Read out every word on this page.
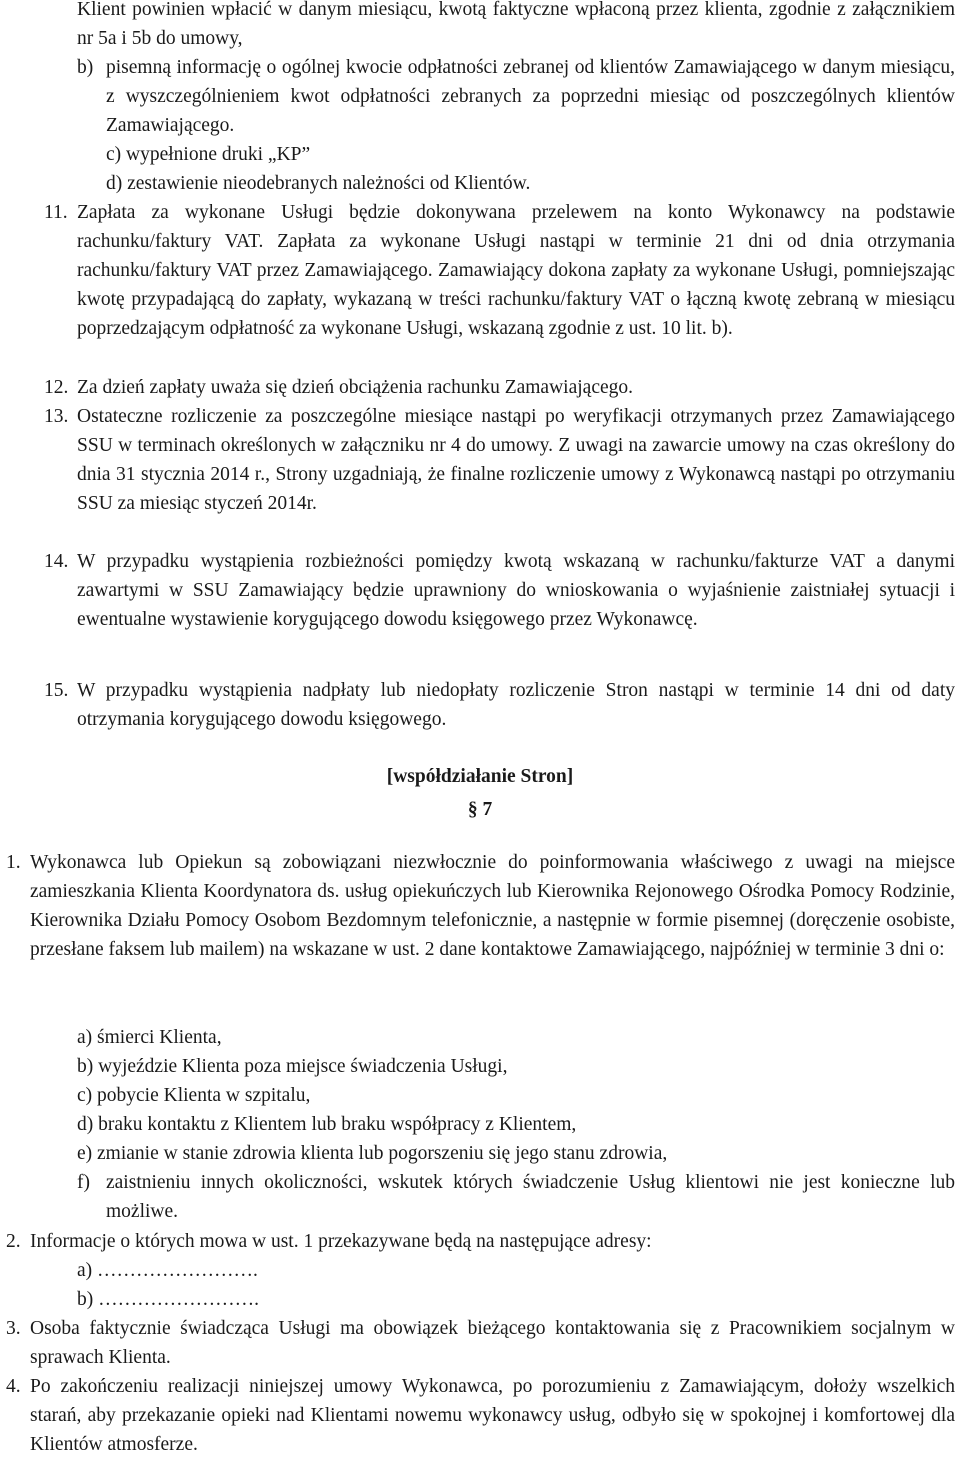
Klient powinien wpłacić w danym miesiącu, kwotą faktyczne wpłaconą przez klienta, zgodnie z załącznikiem nr 5a i 5b do umowy,

b) pisemną informację o ogólnej kwocie odpłatności zebranej od klientów Zamawiającego w danym miesiącu, z wyszczególnieniem kwot odpłatności zebranych za poprzedni miesiąc od poszczególnych klientów Zamawiającego.

c) wypełnione druki „KP”

d) zestawienie nieodebranych należności od Klientów.

11. Zapłata za wykonane Usługi będzie dokonywana przelewem na konto Wykonawcy na podstawie rachunku/faktury VAT. Zapłata za wykonane Usługi nastąpi w terminie 21 dni od dnia otrzymania rachunku/faktury VAT przez Zamawiającego. Zamawiający dokona zapłaty za wykonane Usługi, pomniejszając kwotę przypadającą do zapłaty, wykazaną w treści rachunku/faktury VAT o łączną kwotę zebraną w miesiącu poprzedzającym odpłatność za wykonane Usługi, wskazaną zgodnie z ust. 10 lit. b).

12. Za dzień zapłaty uważa się dzień obciążenia rachunku Zamawiającego.

13. Ostateczne rozliczenie za poszczególne miesiące nastąpi po weryfikacji otrzymanych przez Zamawiającego SSU w terminach określonych w załączniku nr 4 do umowy. Z uwagi na zawarcie umowy na czas określony do dnia 31 stycznia 2014 r., Strony uzgadniają, że finalne rozliczenie umowy z Wykonawcą nastąpi po otrzymaniu SSU za miesiąc styczeń 2014r.

14. W przypadku wystąpienia rozbieżności pomiędzy kwotą wskazaną w rachunku/fakturze VAT a danymi zawartymi w SSU Zamawiający będzie uprawniony do wnioskowania o wyjaśnienie zaistniałej sytuacji i ewentualne wystawienie korygującego dowodu księgowego przez Wykonawcę.

15. W przypadku wystąpienia nadpłaty lub niedopłaty rozliczenie Stron nastąpi w terminie 14 dni od daty otrzymania korygującego dowodu księgowego.

[współdziałanie Stron]
§ 7
1. Wykonawca lub Opiekun są zobowiązani niezwłocznie do poinformowania właściwego z uwagi na miejsce zamieszkania Klienta Koordynatora ds. usług opiekuńczych lub Kierownika Rejonowego Ośrodka Pomocy Rodzinie, Kierownika Działu Pomocy Osobom Bezdomnym telefonicznie, a następnie w formie pisemnej (doręczenie osobiste, przesłane faksem lub mailem) na wskazane w ust. 2 dane kontaktowe Zamawiającego, najpóźniej w terminie 3 dni o:

a) śmierci Klienta,

b) wyjeździe Klienta poza miejsce świadczenia Usługi,

c) pobycie Klienta w szpitalu,

d) braku kontaktu z Klientem lub braku współpracy z Klientem,

e) zmianie w stanie zdrowia klienta lub pogorszeniu się jego stanu zdrowia,

f) zaistnieniu innych okoliczności, wskutek których świadczenie Usług klientowi nie jest konieczne lub możliwe.

2. Informacje o których mowa w ust. 1 przekazywane będą na następujące adresy:

a) …………………….

b) …………………….

3. Osoba faktycznie świadcząca Usługi ma obowiązek bieżącego kontaktowania się z Pracownikiem socjalnym w sprawach Klienta.

4. Po zakończeniu realizacji niniejszej umowy Wykonawca, po porozumieniu z Zamawiającym, dołoży wszelkich starań, aby przekazanie opieki nad Klientami nowemu wykonawcy usług, odbyło się w spokojnej i komfortowej dla Klientów atmosferze.
